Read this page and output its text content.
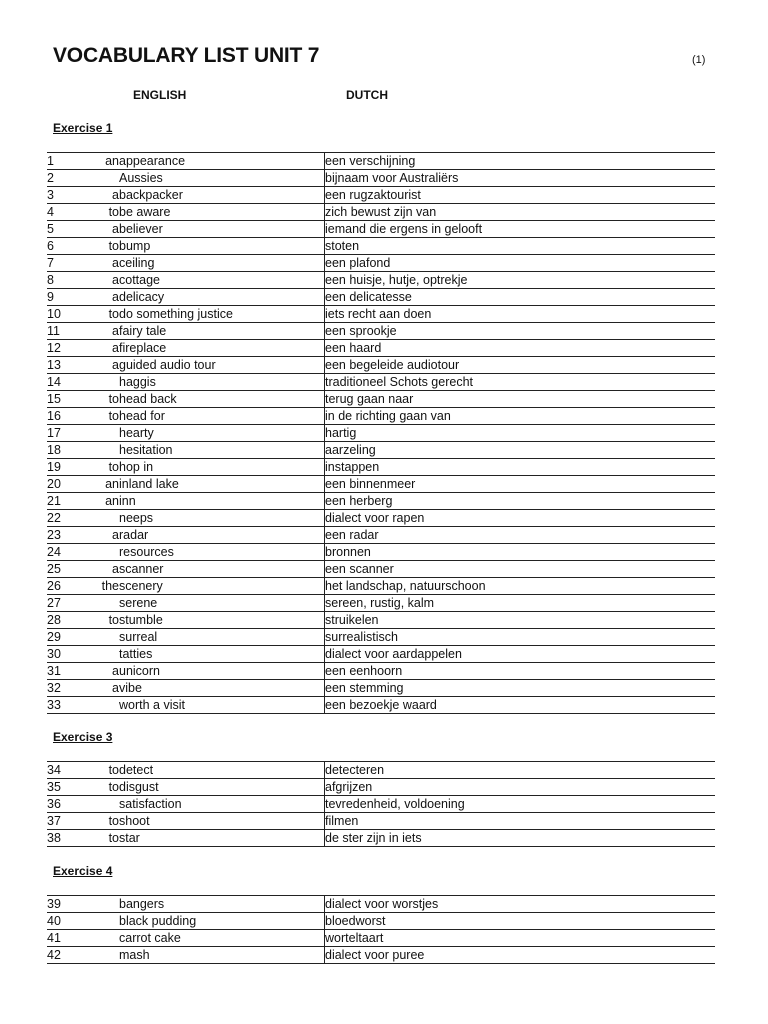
VOCABULARY LIST UNIT 7	(1)
ENGLISH	DUTCH
Exercise 1
1	an	appearance	een verschijning
2		Aussies	bijnaam voor Australiërs
3	a	backpacker	een rugzaktourist
4	to	be aware	zich bewust zijn van
5	a	believer	iemand die ergens in gelooft
6	to	bump	stoten
7	a	ceiling	een plafond
8	a	cottage	een huisje, hutje, optrekje
9	a	delicacy	een delicatesse
10	to	do something justice	iets recht aan doen
11	a	fairy tale	een sprookje
12	a	fireplace	een haard
13	a	guided audio tour	een begeleide audiotour
14		haggis	traditioneel Schots gerecht
15	to	head back	terug gaan naar
16	to	head for	in de richting gaan van
17		hearty	hartig
18		hesitation	aarzeling
19	to	hop in	instappen
20	an	inland lake	een binnenmeer
21	an	inn	een herberg
22		neeps	dialect voor rapen
23	a	radar	een radar
24		resources	bronnen
25	a	scanner	een scanner
26	the	scenery	het landschap, natuurschoon
27		serene	sereen, rustig, kalm
28	to	stumble	struikelen
29		surreal	surrealistisch
30		tatties	dialect voor aardappelen
31	a	unicorn	een eenhoorn
32	a	vibe	een stemming
33		worth a visit	een bezoekje waard
Exercise 3
34	to	detect	detecteren
35	to	disgust	afgrijzen
36		satisfaction	tevredenheid, voldoening
37	to	shoot	filmen
38	to	star	de ster zijn in iets
Exercise 4
39		bangers	dialect voor worstjes
40		black pudding	bloedworst
41		carrot cake	worteltaart
42		mash	dialect voor puree
